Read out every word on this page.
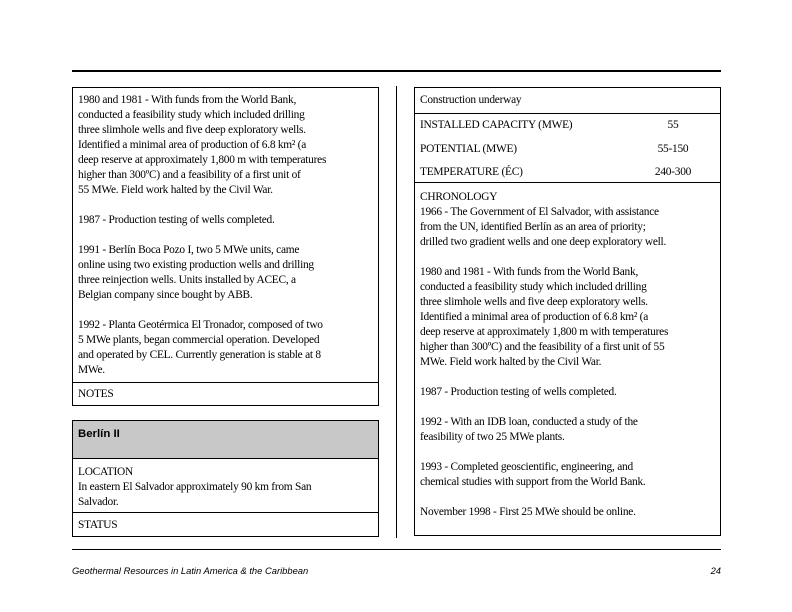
1980 and 1981 - With funds from the World Bank,
conducted a feasibility study which included drilling
three slimhole wells and five deep exploratory wells.
Identified a minimal area of production of 6.8 km² (a
deep reserve at approximately 1,800 m with temperatures
higher than 300ºC) and a feasibility of a first unit of
55 MWe. Field work halted by the Civil War.
1987 - Production testing of wells completed.
1991 - Berlín Boca Pozo I, two 5 MWe units, came
online using two existing production wells and drilling
three reinjection wells. Units installed by ACEC, a
Belgian company since bought by ABB.
1992 - Planta Geotérmica El Tronador, composed of two
5 MWe plants, began commercial operation. Developed
and operated by CEL. Currently generation is stable at 8
MWe.
NOTES
Berlín II
LOCATION
In eastern El Salvador approximately 90 km from San
Salvador.
STATUS
Construction underway
INSTALLED CAPACITY (MWE)	55
POTENTIAL (MWE)	55-150
TEMPERATURE (ÉC)	240-300
CHRONOLOGY
1966 - The Government of El Salvador, with assistance
from the UN, identified Berlín as an area of priority;
drilled two gradient wells and one deep exploratory well.
1980 and 1981 - With funds from the World Bank,
conducted a feasibility study which included drilling
three slimhole wells and five deep exploratory wells.
Identified a minimal area of production of 6.8 km² (a
deep reserve at approximately 1,800 m with temperatures
higher than 300ºC) and the feasibility of a first unit of 55
MWe. Field work halted by the Civil War.
1987 - Production testing of wells completed.
1992 - With an IDB loan, conducted a study of the
feasibility of two 25 MWe plants.
1993 - Completed geoscientific, engineering, and
chemical studies with support from the World Bank.
November 1998 - First 25 MWe should be online.
Geothermal Resources in Latin America & the Caribbean	24
